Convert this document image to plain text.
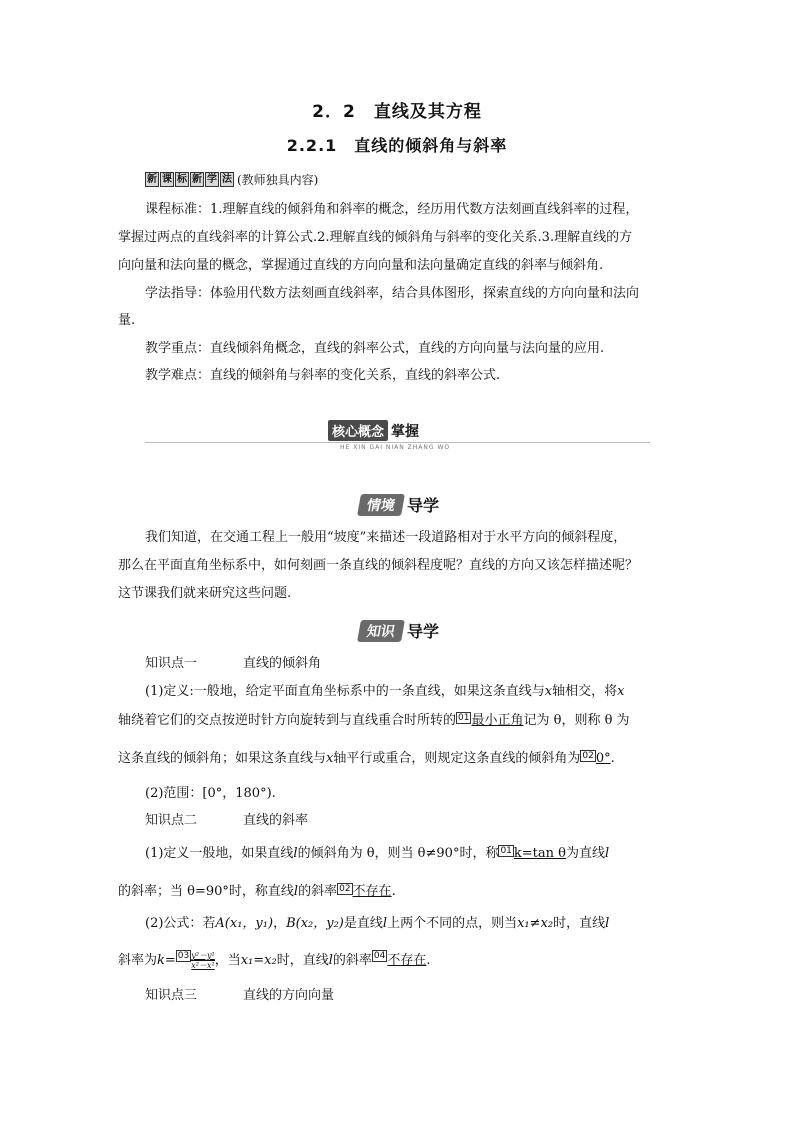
2．2　直线及其方程
2.2.1　直线的倾斜角与斜率
新 课 标 新 学 法 (教师独具内容)
课程标准：1.理解直线的倾斜角和斜率的概念，经历用代数方法刻画直线斜率的过程，
掌握过两点的直线斜率的计算公式.2.理解直线的倾斜角与斜率的变化关系.3.理解直线的方
向向量和法向量的概念，掌握通过直线的方向向量和法向量确定直线的斜率与倾斜角.
学法指导：体验用代数方法刻画直线斜率，结合具体图形，探索直线的方向向量和法向
量.
教学重点：直线倾斜角概念，直线的斜率公式，直线的方向向量与法向量的应用.
教学难点：直线的倾斜角与斜率的变化关系，直线的斜率公式.
核心概念 掌握
HE XIN GAI NIAN ZHANG WO
情境 导学
我们知道，在交通工程上一般用“坡度”来描述一段道路相对于水平方向的倾斜程度，
那么在平面直角坐标系中，如何刻画一条直线的倾斜程度呢？直线的方向又该怎样描述呢？
这节课我们就来研究这些问题.
知识 导学
知识点一	直线的倾斜角
(1)定义:一般地，给定平面直角坐标系中的一条直线，如果这条直线与x轴相交，将x
轴绕着它们的交点按逆时针方向旋转到与直线重合时所转的 01 最小正角记为 θ，则称 θ 为
这条直线的倾斜角；如果这条直线与x轴平行或重合，则规定这条直线的倾斜角为 02 0°.
(2)范围：[0°，180°).
知识点二	直线的斜率
(1)定义一般地，如果直线l的倾斜角为 θ，则当 θ≠90°时，称 01 k=tan θ为直线l
的斜率；当 θ=90°时，称直线l的斜率 02 不存在.
(2)公式：若A(x₁，y₁)，B(x₂，y₂)是直线l上两个不同的点，则当x₁≠x₂时，直线l
斜率为$k= 03 \frac{\text{y²－y¹}}{\text{x²－x¹}}$ ，当x₁=x₂时，直线l的斜率 04 不存在.
知识点三	直线的方向向量
